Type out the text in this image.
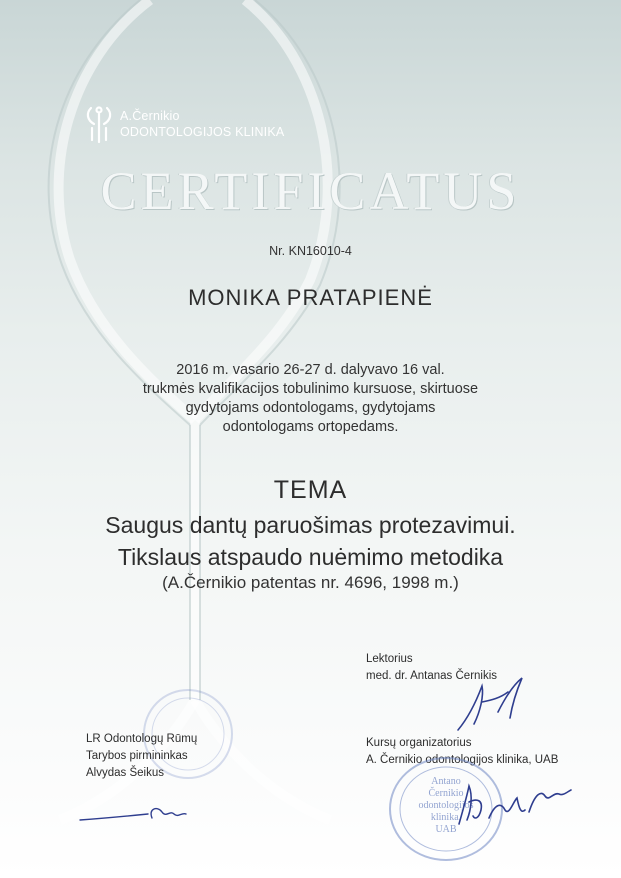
A.Černikio
ODONTOLOGIJOS KLINIKA
CERTIFICATUS
Nr. KN16010-4
MONIKA PRATAPIENĖ
2016 m. vasario 26-27 d. dalyvavo 16 val.
trukmės kvalifikacijos tobulinimo kursuose, skirtuose
gydytojams odontologams, gydytojams
odontologams ortopedams.
TEMA
Saugus dantų paruošimas protezavimui.
Tikslaus atspaudo nuėmimo metodika
(A.Černikio patentas nr. 4696, 1998 m.)
Lektorius
med. dr. Antanas Černikis
LR Odontologų Rūmų
Tarybos pirmininkas
Alvydas Šeikus
Kursų organizatorius
A. Černikio odontologijos klinika, UAB
Antano
Černikio
odontologijos
klinika,
UAB
